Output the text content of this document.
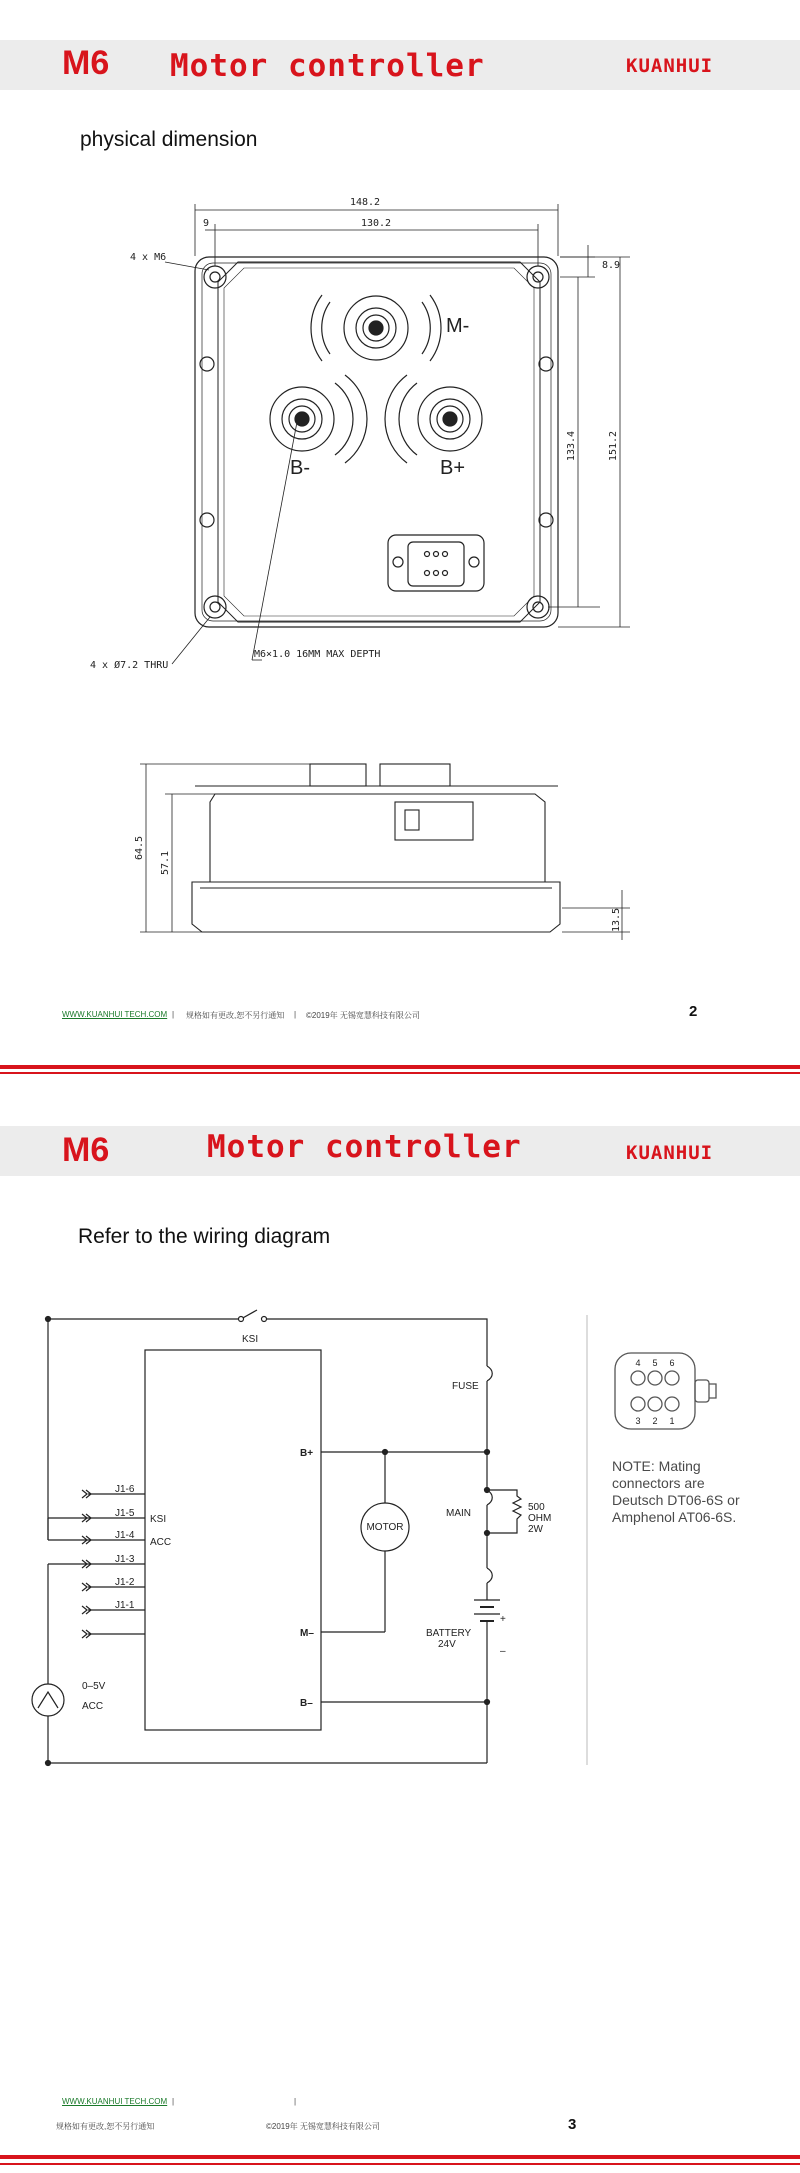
M6 Motor controller	KUANHUI
physical dimension
148.2
130.2
9
8.9
133.4	151.2
4 x M6
4 x Ø7.2 THRU
M6×1.0 16MM MAX DEPTH
M-
B-	B+
64.5
57.1
13.5
WWW.KUANHUI TECH.COM | 规格如有更改,恕不另行通知 | ©2019年 无锡宽慧科技有限公司	2
M6	Motor controller	KUANHUI
Refer to the wiring diagram
KSI
FUSE
B+
M–
B–
MOTOR
MAIN
500
OHM
2W
BATTERY
24V
+
–
J1-6
J1-5
J1-4
J1-3
J1-2
J1-1
KSI
ACC
0–5V
ACC
4 5 6
3 2 1
NOTE: Mating connectors are Deutsch DT06-6S or Amphenol AT06-6S.
WWW.KUANHUI TECH.COM |	|
规格如有更改,恕不另行通知	©2019年 无锡宽慧科技有限公司	3
